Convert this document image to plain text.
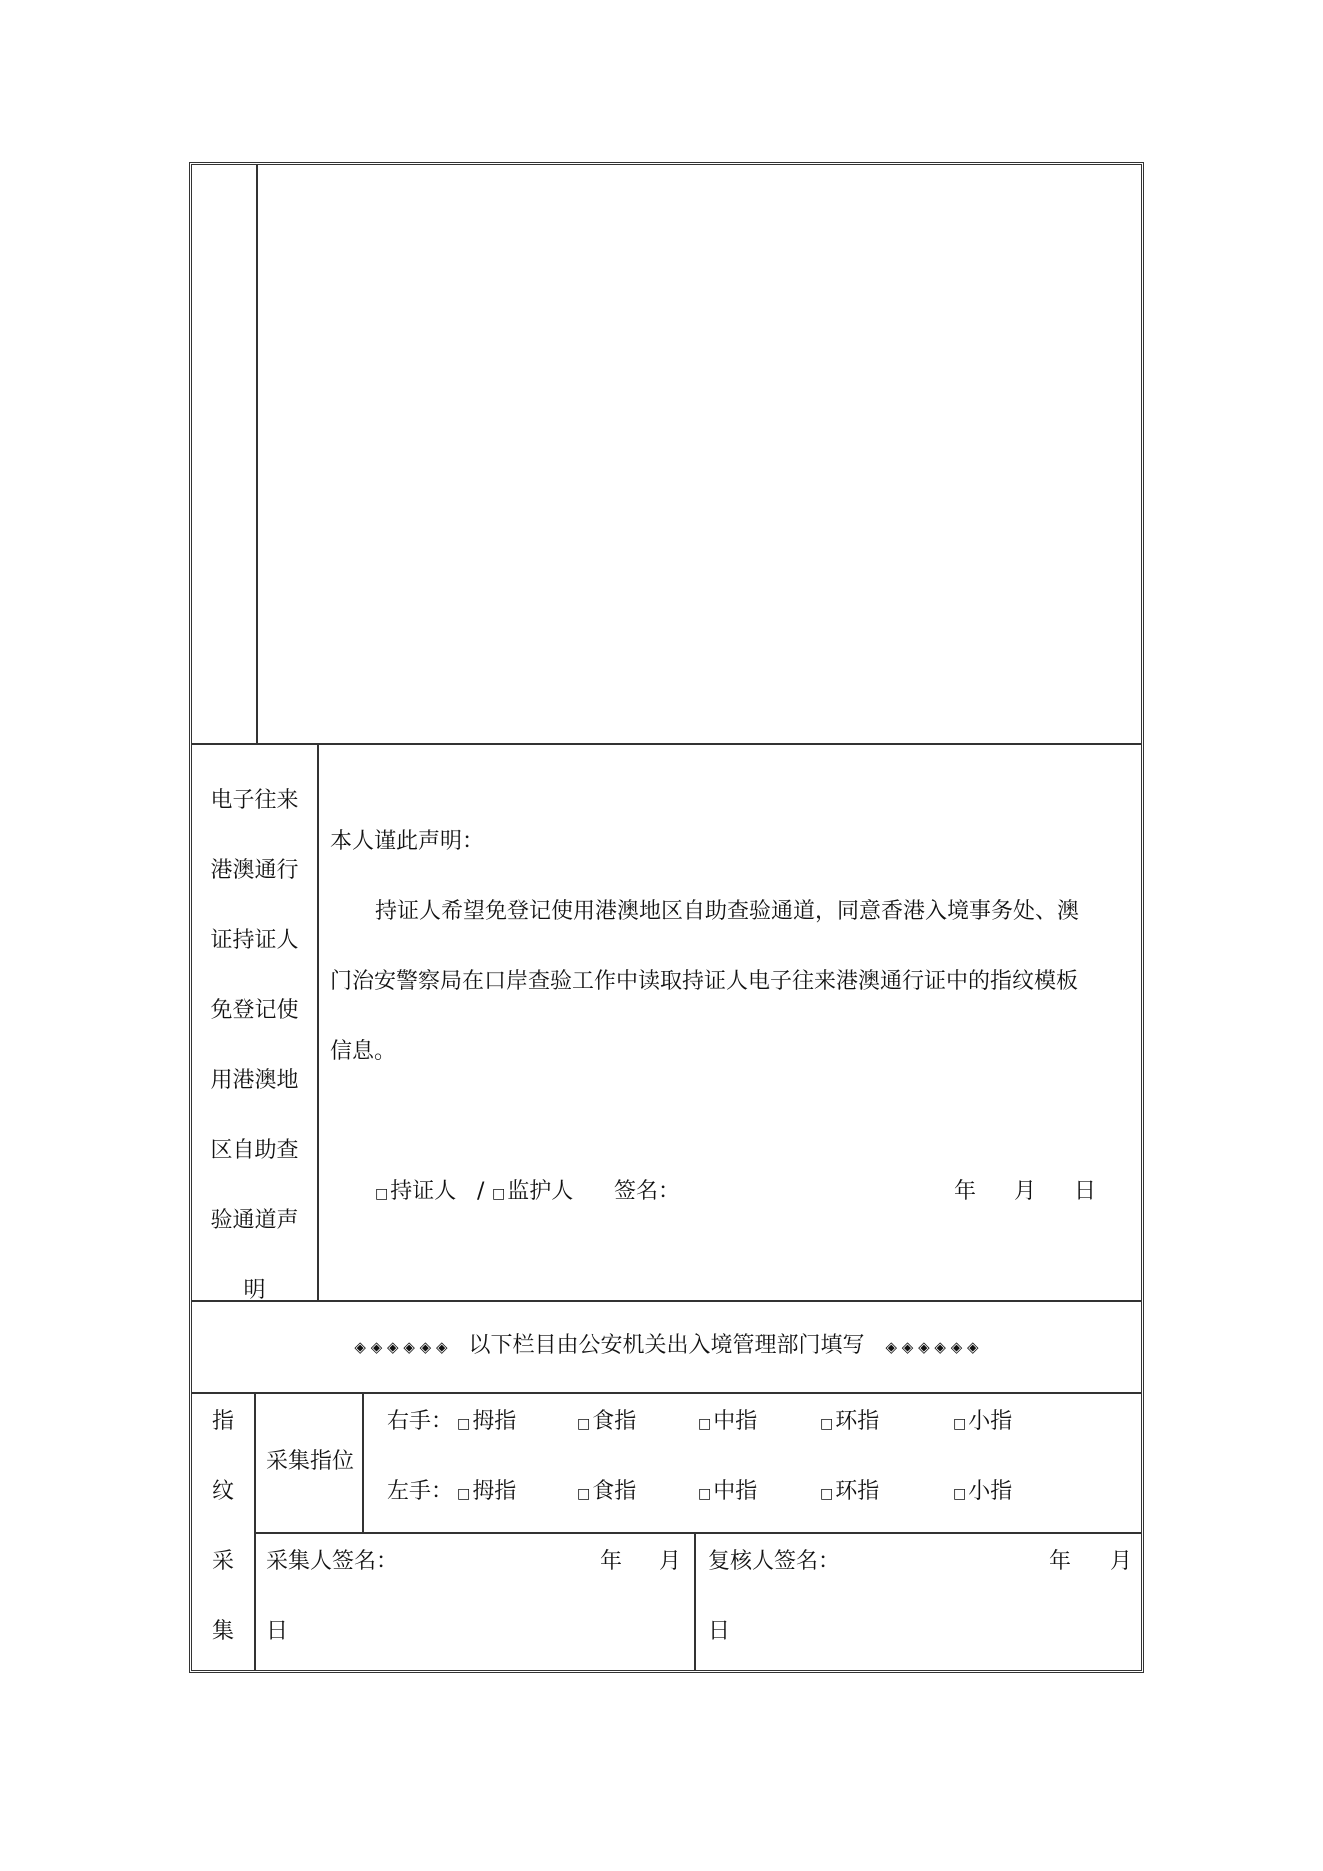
电子往来
港澳通行
证持证人
免登记使
用港澳地
区自助查
验通道声
明
本人谨此声明：
持证人希望免登记使用港澳地区自助查验通道，同意香港入境事务处、澳
门治安警察局在口岸查验工作中读取持证人电子往来港澳通行证中的指纹模板
信息。
□持证人 / □监护人 签名：	年 月 日
◈ ◈ ◈ ◈ ◈ ◈ 以下栏目由公安机关出入境管理部门填写 ◈ ◈ ◈ ◈ ◈ ◈
指
纹
采
集
采集指位
右手： □拇指	□食指	□中指	□环指	□小指
左手： □拇指	□食指	□中指	□环指	□小指
采集人签名：	年 月
日
复核人签名：	年 月
日
